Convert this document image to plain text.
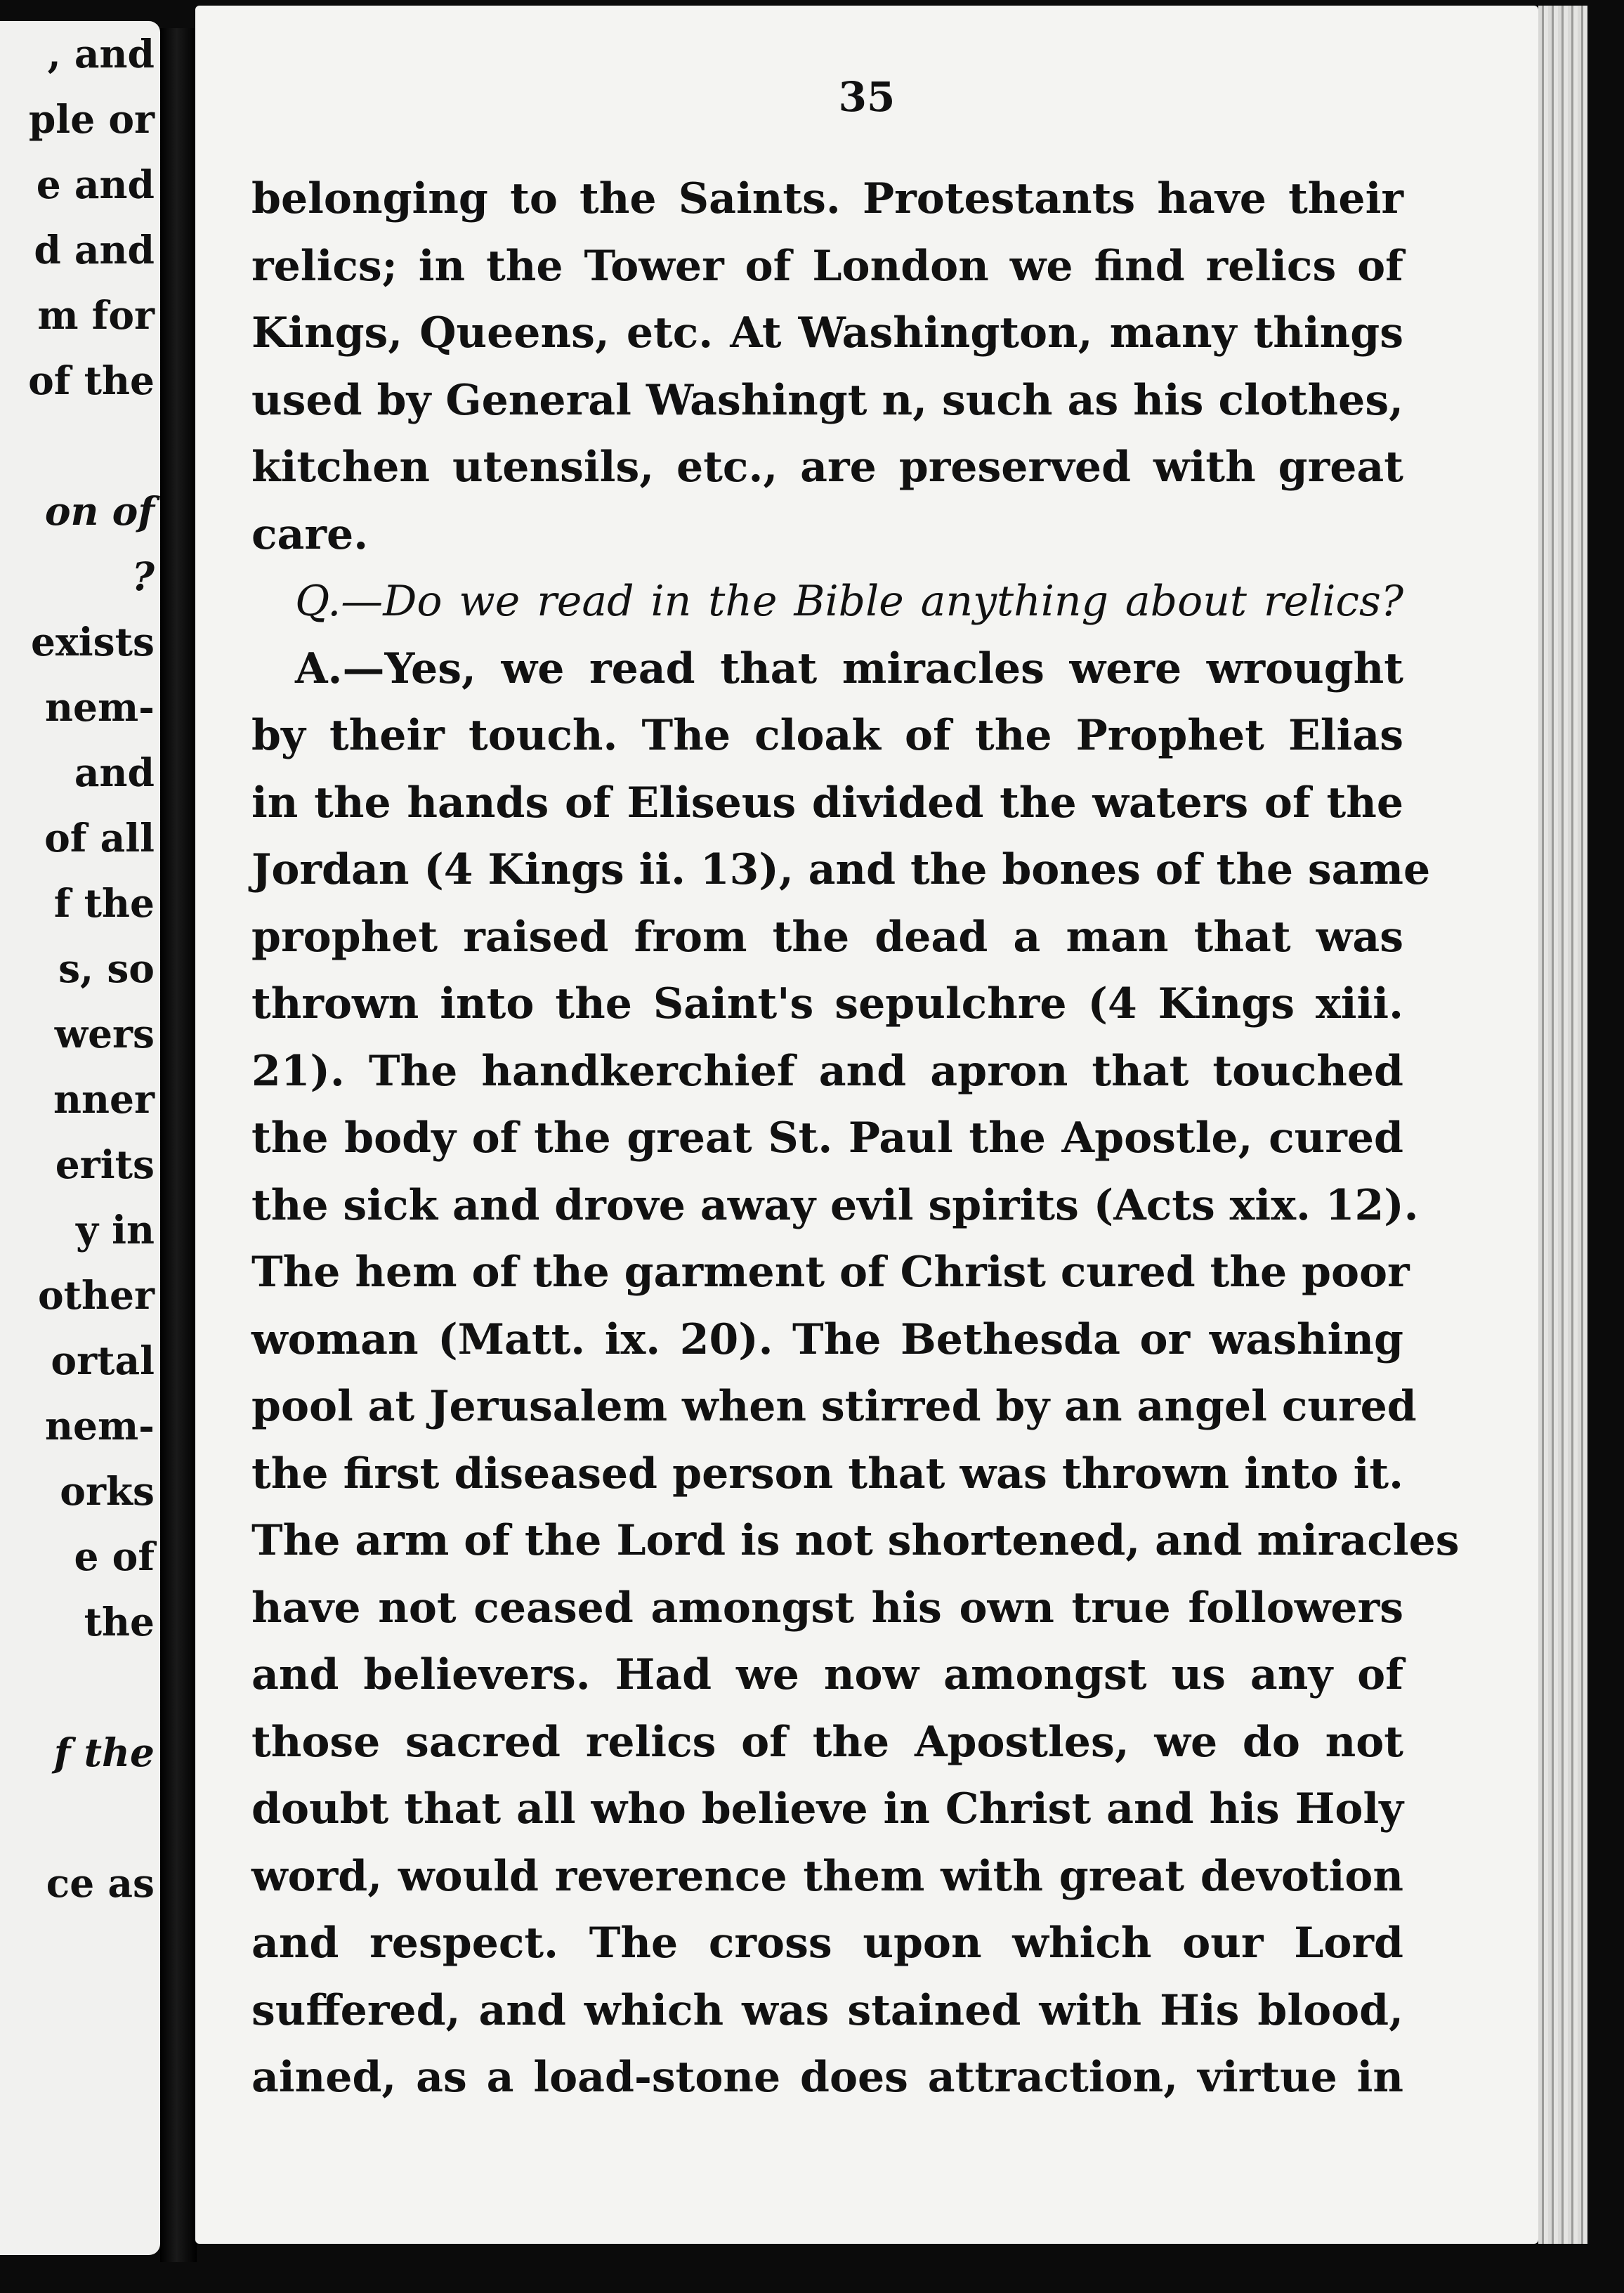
, and
ple or
e and
d and
m for
of the
on of
?
exists
nem-
and
of all
f the
s, so
wers
nner
erits
y in
other
ortal
nem-
orks
e of
the
f the
ce as
35
belonging to the Saints. Protestants have their
relics; in the Tower of London we find relics of
Kings, Queens, etc. At Washington, many things
used by General Washingt n, such as his clothes,
kitchen utensils, etc., are preserved with great
care.
Q.—Do we read in the Bible anything about relics?
A.—Yes, we read that miracles were wrought
by their touch. The cloak of the Prophet Elias
in the hands of Eliseus divided the waters of the
Jordan (4 Kings ii. 13), and the bones of the same
prophet raised from the dead a man that was
thrown into the Saint's sepulchre (4 Kings xiii.
21). The handkerchief and apron that touched
the body of the great St. Paul the Apostle, cured
the sick and drove away evil spirits (Acts xix. 12).
The hem of the garment of Christ cured the poor
woman (Matt. ix. 20). The Bethesda or washing
pool at Jerusalem when stirred by an angel cured
the first diseased person that was thrown into it.
The arm of the Lord is not shortened, and miracles
have not ceased amongst his own true followers
and believers. Had we now amongst us any of
those sacred relics of the Apostles, we do not
doubt that all who believe in Christ and his Holy
word, would reverence them with great devotion
and respect. The cross upon which our Lord
suffered, and which was stained with His blood,
ained, as a load-stone does attraction, virtue in
